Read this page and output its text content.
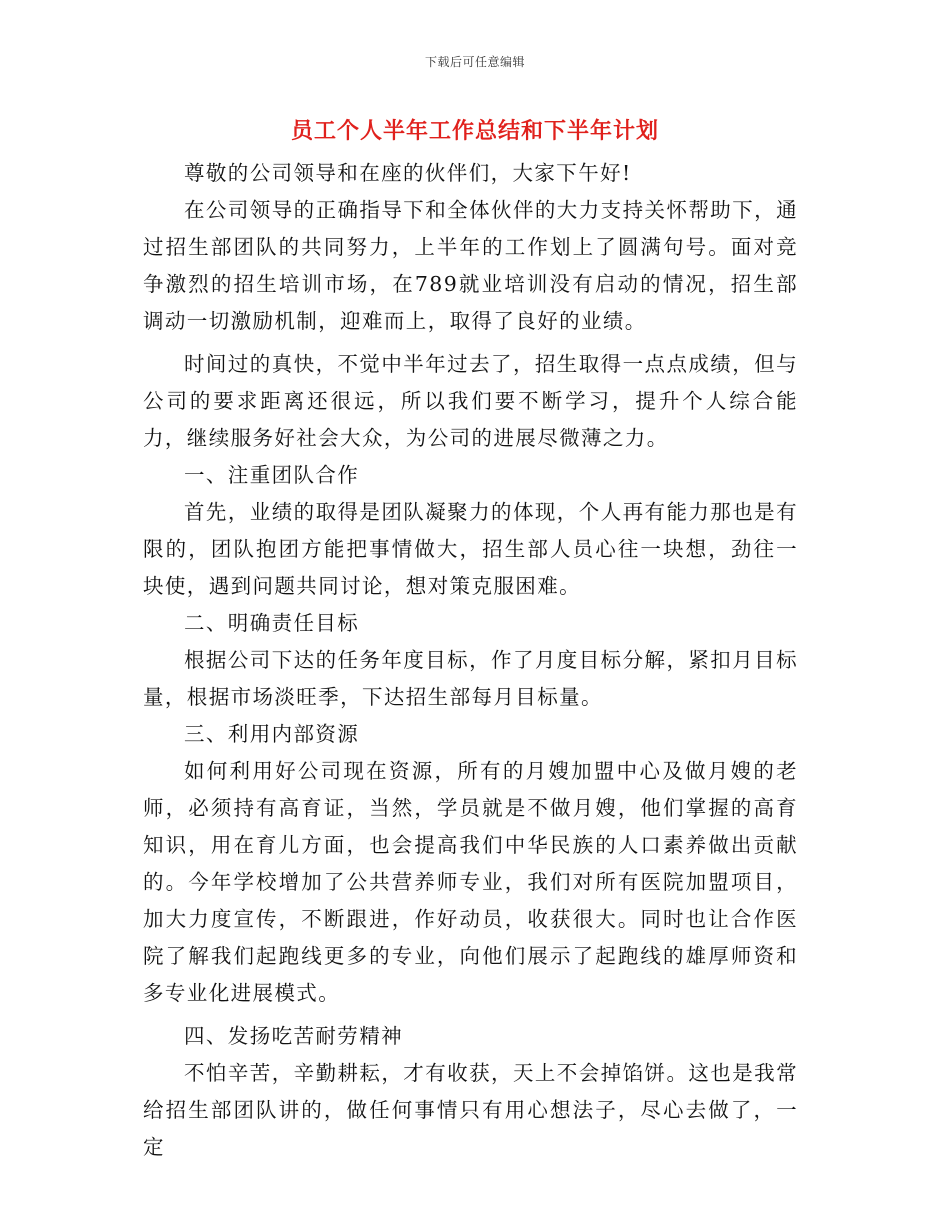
下载后可任意编辑
员工个人半年工作总结和下半年计划

尊敬的公司领导和在座的伙伴们，大家下午好!

在公司领导的正确指导下和全体伙伴的大力支持关怀帮助下，通过招生部团队的共同努力，上半年的工作划上了圆满句号。面对竞争激烈的招生培训市场，在789就业培训没有启动的情况，招生部调动一切激励机制，迎难而上，取得了良好的业绩。

时间过的真快，不觉中半年过去了，招生取得一点点成绩，但与公司的要求距离还很远，所以我们要不断学习，提升个人综合能力，继续服务好社会大众，为公司的进展尽微薄之力。

一、注重团队合作

首先，业绩的取得是团队凝聚力的体现，个人再有能力那也是有限的，团队抱团方能把事情做大，招生部人员心往一块想，劲往一块使，遇到问题共同讨论，想对策克服困难。

二、明确责任目标

根据公司下达的任务年度目标，作了月度目标分解，紧扣月目标量，根据市场淡旺季，下达招生部每月目标量。

三、利用内部资源

如何利用好公司现在资源，所有的月嫂加盟中心及做月嫂的老师，必须持有高育证，当然，学员就是不做月嫂，他们掌握的高育知识，用在育儿方面，也会提高我们中华民族的人口素养做出贡献的。今年学校增加了公共营养师专业，我们对所有医院加盟项目，加大力度宣传，不断跟进，作好动员，收获很大。同时也让合作医院了解我们起跑线更多的专业，向他们展示了起跑线的雄厚师资和多专业化进展模式。

四、发扬吃苦耐劳精神

不怕辛苦，辛勤耕耘，才有收获，天上不会掉馅饼。这也是我常给招生部团队讲的，做任何事情只有用心想法子，尽心去做了，一定
